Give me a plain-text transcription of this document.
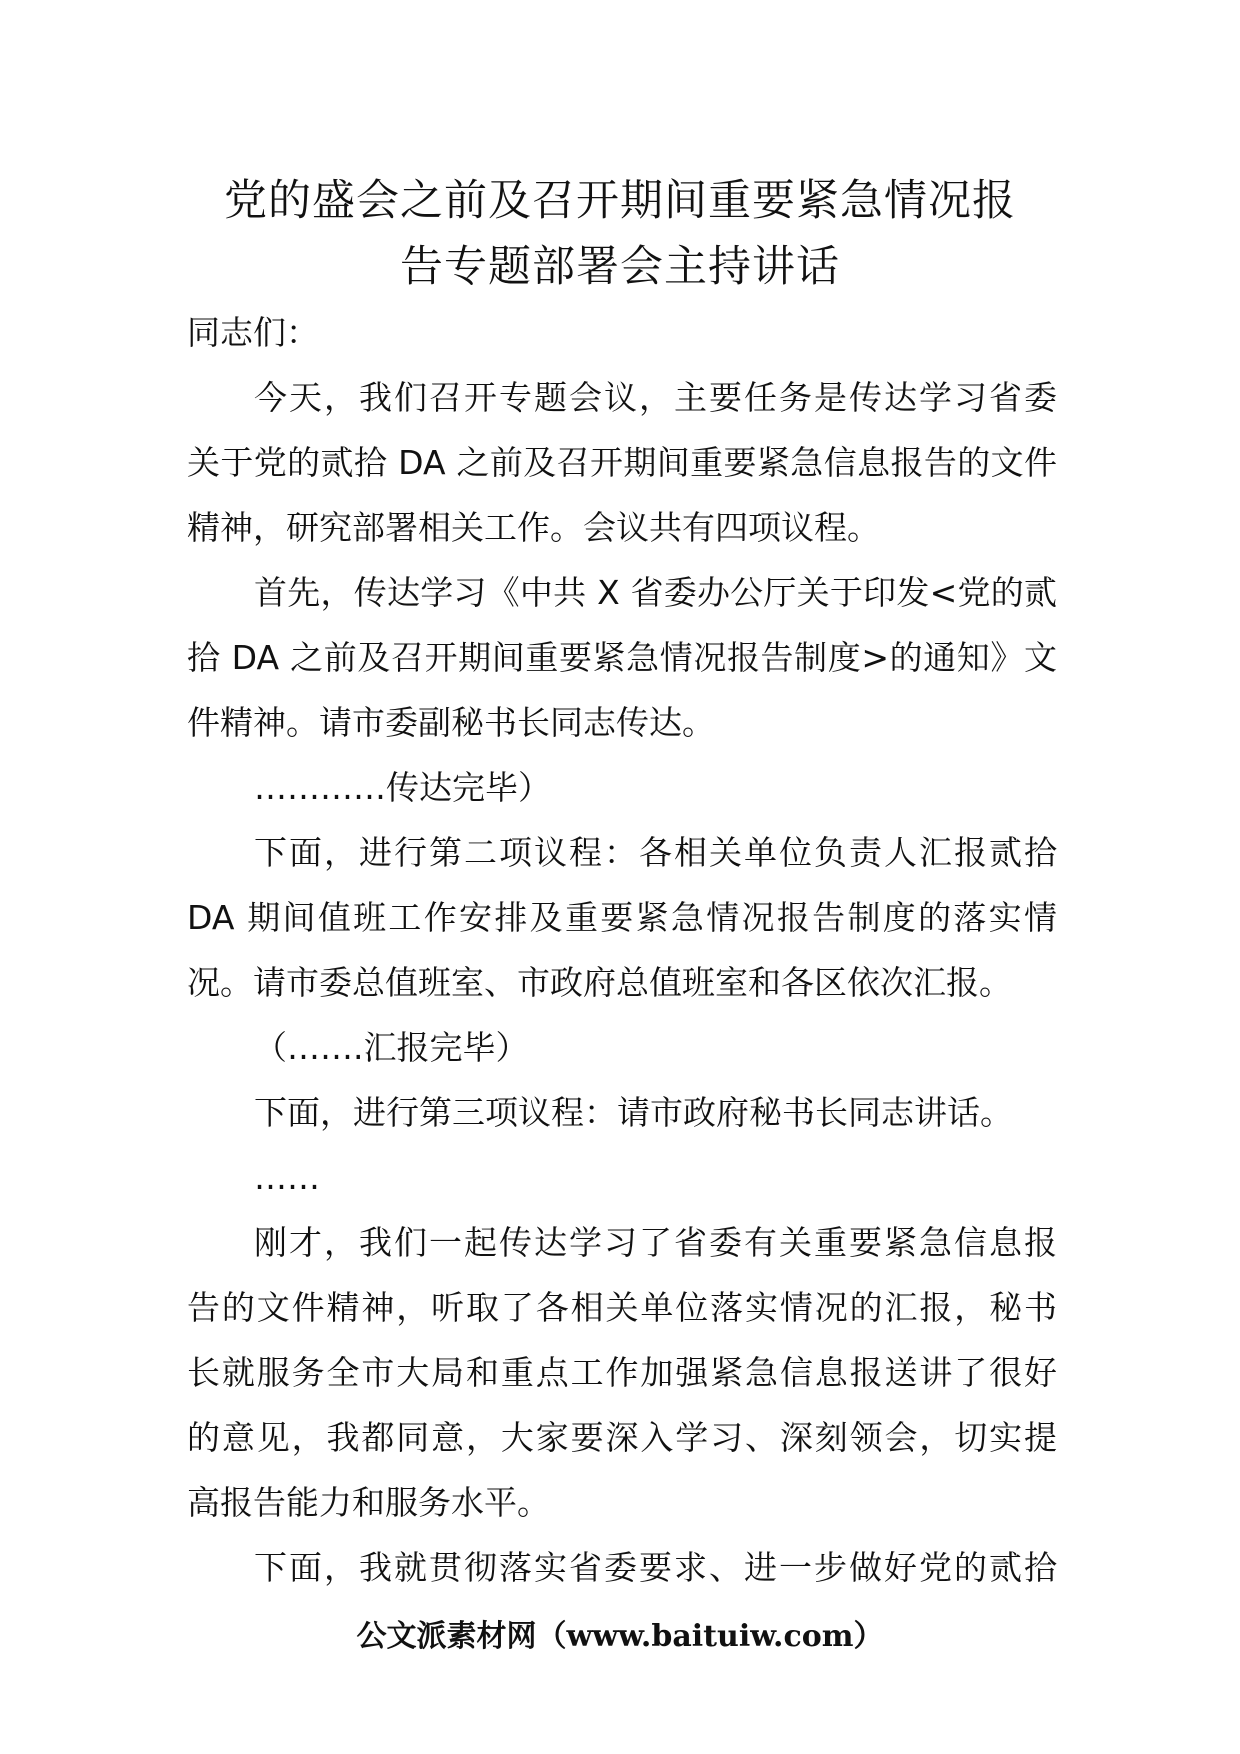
党的盛会之前及召开期间重要紧急情况报
告专题部署会主持讲话

同志们：

今天，我们召开专题会议，主要任务是传达学习省委

关于党的贰拾 DA 之前及召开期间重要紧急信息报告的文件

精神，研究部署相关工作。会议共有四项议程。

首先，传达学习《中共 X 省委办公厅关于印发<党的贰

拾 DA 之前及召开期间重要紧急情况报告制度>的通知》文

件精神。请市委副秘书长同志传达。

…………传达完毕）

下面，进行第二项议程：各相关单位负责人汇报贰拾

DA 期间值班工作安排及重要紧急情况报告制度的落实情

况。请市委总值班室、市政府总值班室和各区依次汇报。

（…….汇报完毕）

下面，进行第三项议程：请市政府秘书长同志讲话。

……

刚才，我们一起传达学习了省委有关重要紧急信息报

告的文件精神，听取了各相关单位落实情况的汇报，秘书

长就服务全市大局和重点工作加强紧急信息报送讲了很好

的意见，我都同意，大家要深入学习、深刻领会，切实提

高报告能力和服务水平。

下面，我就贯彻落实省委要求、进一步做好党的贰拾

公文派素材网（www.baituiw.com）
